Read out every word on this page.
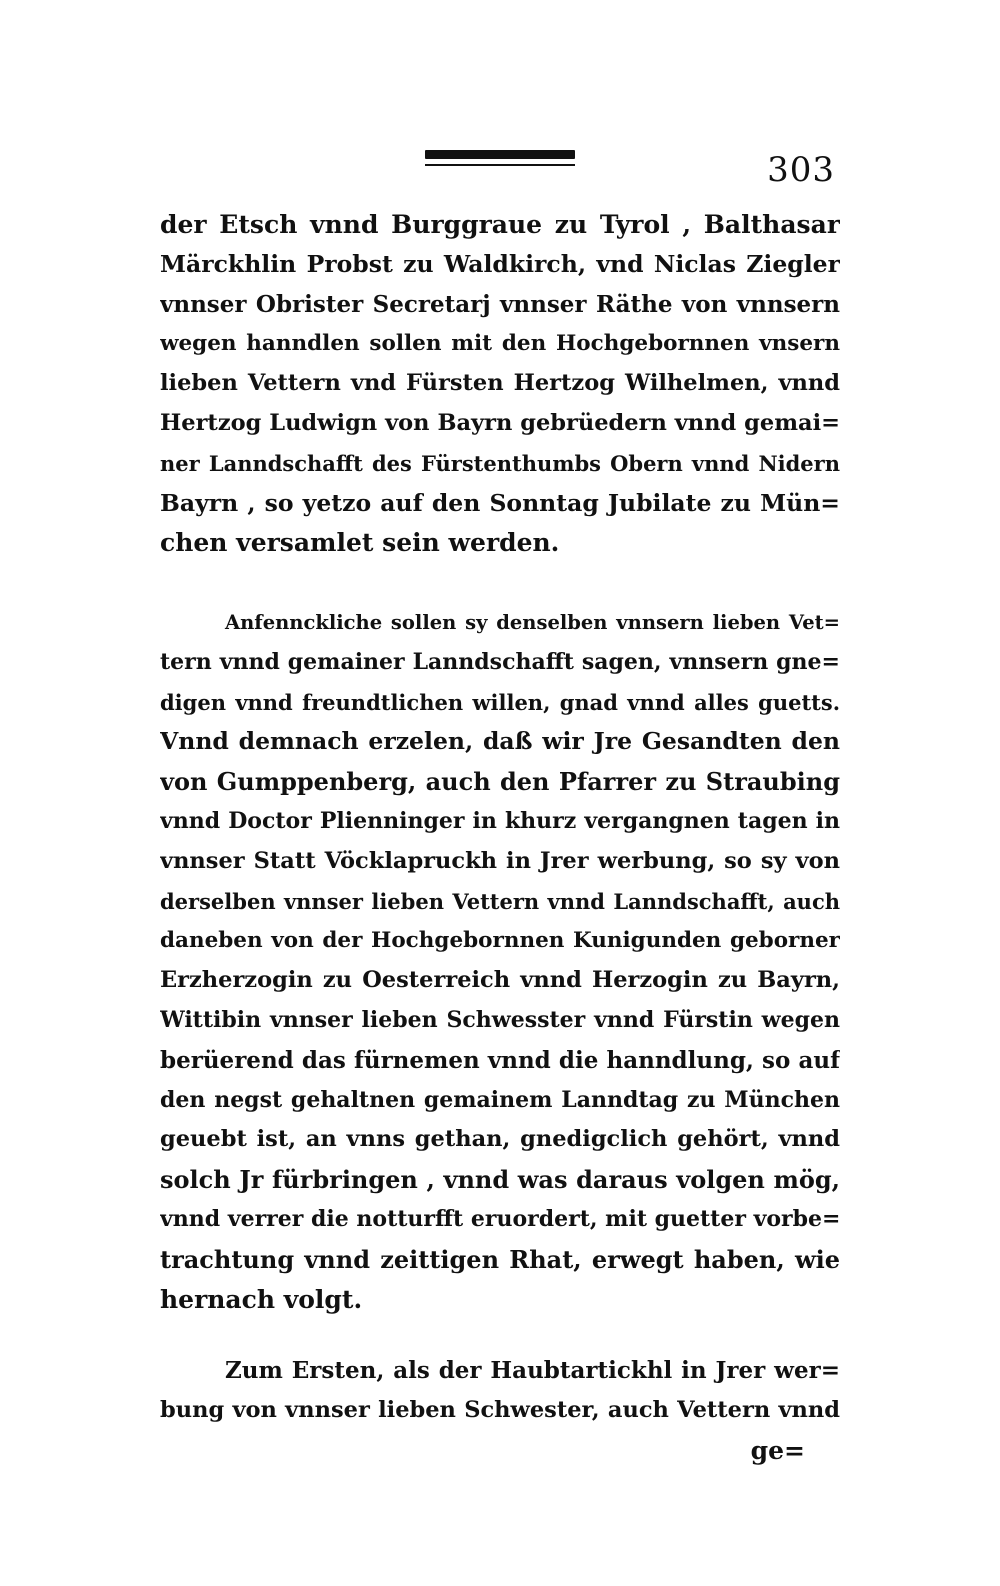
303
der Etsch vnnd Burggraue zu Tyrol , Balthasar
Märckhlin Probst zu Waldkirch, vnd Niclas Ziegler
vnnser Obrister Secretarj vnnser Räthe von vnnsern
wegen hanndlen sollen mit den Hochgebornnen vnsern
lieben Vettern vnd Fürsten Hertzog Wilhelmen, vnnd
Hertzog Ludwign von Bayrn gebrüedern vnnd gemai=
ner Lanndschafft des Fürstenthumbs Obern vnnd Nidern
Bayrn , so yetzo auf den Sonntag Jubilate zu Mün=
chen versamlet sein werden.
Anfennckliche sollen sy denselben vnnsern lieben Vet=
tern vnnd gemainer Lanndschafft sagen, vnnsern gne=
digen vnnd freundtlichen willen, gnad vnnd alles guetts.
Vnnd demnach erzelen, daß wir Jre Gesandten den
von Gumppenberg, auch den Pfarrer zu Straubing
vnnd Doctor Plienninger in khurz vergangnen tagen in
vnnser Statt Vöcklapruckh in Jrer werbung, so sy von
derselben vnnser lieben Vettern vnnd Lanndschafft, auch
daneben von der Hochgebornnen Kunigunden geborner
Erzherzogin zu Oesterreich vnnd Herzogin zu Bayrn,
Wittibin vnnser lieben Schwesster vnnd Fürstin wegen
berüerend das fürnemen vnnd die hanndlung, so auf
den negst gehaltnen gemainem Lanndtag zu München
geuebt ist, an vnns gethan, gnedigclich gehört, vnnd
solch Jr fürbringen , vnnd was daraus volgen mög,
vnnd verrer die notturfft eruordert, mit guetter vorbe=
trachtung vnnd zeittigen Rhat, erwegt haben, wie
hernach volgt.
Zum Ersten, als der Haubtartickhl in Jrer wer=
bung von vnnser lieben Schwester, auch Vettern vnnd
ge=
